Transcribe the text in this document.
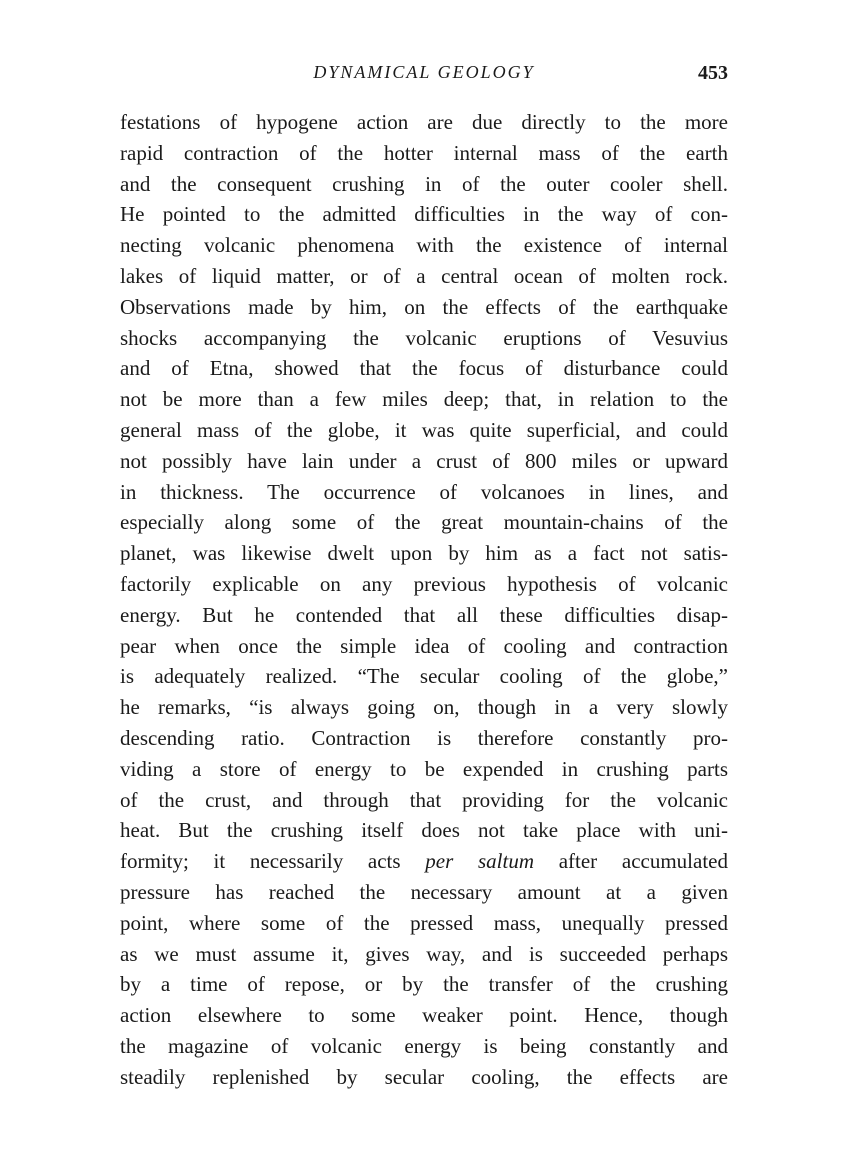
DYNAMICAL GEOLOGY	453
festations of hypogene action are due directly to the more
rapid contraction of the hotter internal mass of the earth
and the consequent crushing in of the outer cooler shell.
He pointed to the admitted difficulties in the way of con-
necting volcanic phenomena with the existence of internal
lakes of liquid matter, or of a central ocean of molten rock.
Observations made by him, on the effects of the earthquake
shocks accompanying the volcanic eruptions of Vesuvius
and of Etna, showed that the focus of disturbance could
not be more than a few miles deep; that, in relation to the
general mass of the globe, it was quite superficial, and could
not possibly have lain under a crust of 800 miles or upward
in thickness. The occurrence of volcanoes in lines, and
especially along some of the great mountain-chains of the
planet, was likewise dwelt upon by him as a fact not satis-
factorily explicable on any previous hypothesis of volcanic
energy. But he contended that all these difficulties disap-
pear when once the simple idea of cooling and contraction
is adequately realized. “The secular cooling of the globe,”
he remarks, “is always going on, though in a very slowly
descending ratio. Contraction is therefore constantly pro-
viding a store of energy to be expended in crushing parts
of the crust, and through that providing for the volcanic
heat. But the crushing itself does not take place with uni-
formity; it necessarily acts per saltum after accumulated
pressure has reached the necessary amount at a given
point, where some of the pressed mass, unequally pressed
as we must assume it, gives way, and is succeeded perhaps
by a time of repose, or by the transfer of the crushing
action elsewhere to some weaker point. Hence, though
the magazine of volcanic energy is being constantly and
steadily replenished by secular cooling, the effects are
